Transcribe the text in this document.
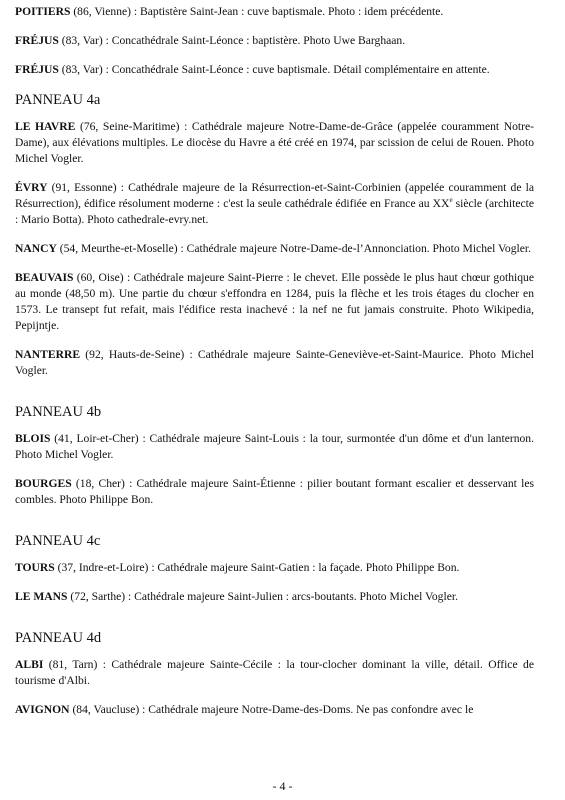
POITIERS (86, Vienne) : Baptistère Saint-Jean : cuve baptismale. Photo : idem précédente.

FRÉJUS (83, Var) : Concathédrale Saint-Léonce : baptistère. Photo Uwe Barghaan.

FRÉJUS (83, Var) : Concathédrale Saint-Léonce : cuve baptismale. Détail complémentaire en attente.

PANNEAU 4a

LE HAVRE (76, Seine-Maritime) : Cathédrale majeure Notre-Dame-de-Grâce (appelée couramment Notre-Dame), aux élévations multiples. Le diocèse du Havre a été créé en 1974, par scission de celui de Rouen. Photo Michel Vogler.

ÉVRY (91, Essonne) : Cathédrale majeure de la Résurrection-et-Saint-Corbinien (appelée couramment de la Résurrection), édifice résolument moderne : c'est la seule cathédrale édifiée en France au XXe siècle (architecte : Mario Botta). Photo cathedrale-evry.net.

NANCY (54, Meurthe-et-Moselle) : Cathédrale majeure Notre-Dame-de-l’Annonciation. Photo Michel Vogler.

BEAUVAIS (60, Oise) : Cathédrale majeure Saint-Pierre : le chevet. Elle possède le plus haut chœur gothique au monde (48,50 m). Une partie du chœur s'effondra en 1284, puis la flèche et les trois étages du clocher en 1573. Le transept fut refait, mais l'édifice resta inachevé : la nef ne fut jamais construite. Photo Wikipedia, Pepijntje.

NANTERRE (92, Hauts-de-Seine) : Cathédrale majeure Sainte-Geneviève-et-Saint-Maurice. Photo Michel Vogler.

PANNEAU 4b

BLOIS (41, Loir-et-Cher) : Cathédrale majeure Saint-Louis : la tour, surmontée d'un dôme et d'un lanternon. Photo Michel Vogler.

BOURGES (18, Cher) : Cathédrale majeure Saint-Étienne : pilier boutant formant escalier et desservant les combles. Photo Philippe Bon.

PANNEAU 4c

TOURS (37, Indre-et-Loire) : Cathédrale majeure Saint-Gatien : la façade. Photo Philippe Bon.

LE MANS (72, Sarthe) : Cathédrale majeure Saint-Julien : arcs-boutants. Photo Michel Vogler.

PANNEAU 4d

ALBI (81, Tarn) : Cathédrale majeure Sainte-Cécile : la tour-clocher dominant la ville, détail. Office de tourisme d'Albi.

AVIGNON (84, Vaucluse) : Cathédrale majeure Notre-Dame-des-Doms. Ne pas confondre avec le

- 4 -
